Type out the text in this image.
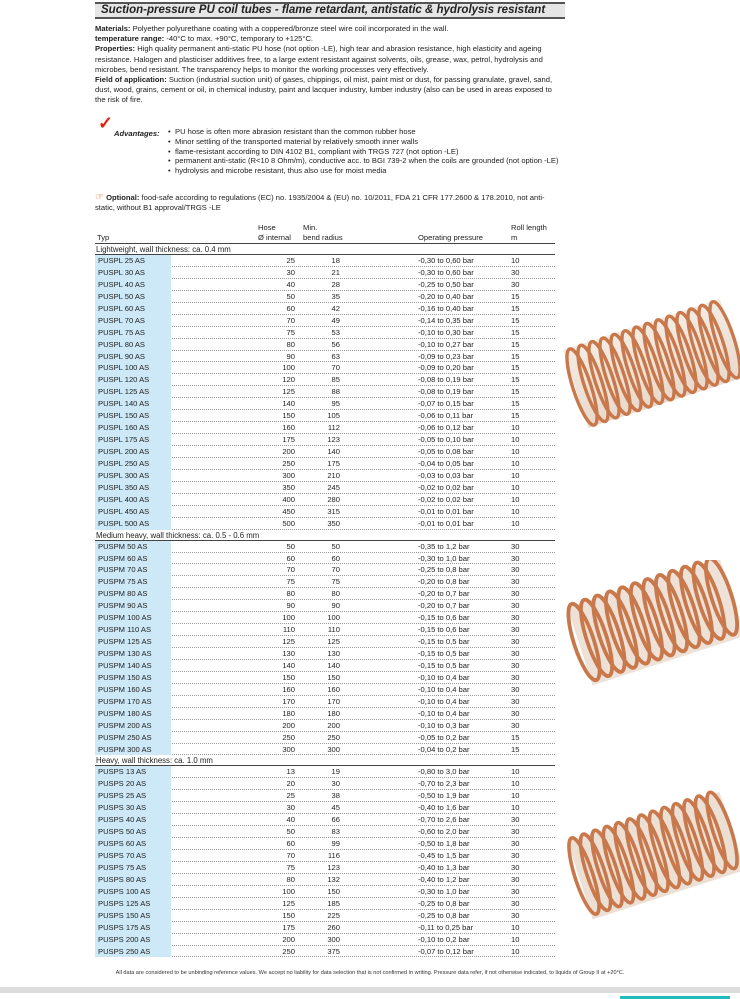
Suction-pressure PU coil tubes - flame retardant, antistatic & hydrolysis resistant

Materials: Polyether polyurethane coating with a coppered/bronze steel wire coil incorporated in the wall.

temperature range: -40°C to max. +90°C, temporary to +125°C.

Properties: High quality permanent anti-static PU hose (not option -LE), high tear and abrasion resistance, high elasticity and ageing resistance. Halogen and plasticiser additives free, to a large extent resistant against solvents, oils, grease, wax, petrol, hydrolysis and microbes, bend resistant. The transparency helps to monitor the working processes very effectively.

Field of application: Suction (industrial suction unit) of gases, chippings, oil mist, paint mist or dust, for passing granulate, gravel, sand, dust, wood, grains, cement or oil, in chemical industry, paint and lacquer industry, lumber industry (also can be used in areas exposed to the risk of fire.

✓
Advantages:
•	PU hose is often more abrasion resistant than the common rubber hose
• Minor settling of the transported material by relatively smooth inner walls
• flame-resistant according to DIN 4102 B1, compliant with TRGS 727 (not option -LE)
• permanent anti-static (R<10 8 Ohm/m), conductive acc. to BGI 739-2 when the coils are grounded (not option -LE)
• hydrolysis and microbe resistant, thus also use for moist media
☞ Optional: food-safe according to regulations (EC) no. 1935/2004 & (EU) no. 10/2011, FDA 21 CFR 177.2600 & 178.2010, not anti-static, without B1 approval/TRGS -LE
Typ
Hose
Ø internal
Min.
bend radius	Operating pressure
Roll length
m
Lightweight, wall thickness: ca. 0.4 mm
PUSPL 25 AS	25	18	-0,30 to 0,60 bar	10
PUSPL 30 AS	30	21	-0,30 to 0,60 bar	30
PUSPL 40 AS	40	28	-0,25 to 0,50 bar	30
PUSPL 50 AS	50	35	-0,20 to 0,40 bar	15
PUSPL 60 AS	60	42	-0,16 to 0,40 bar	15
PUSPL 70 AS	70	49	-0,14 to 0,35 bar	15
PUSPL 75 AS	75	53	-0,10 to 0,30 bar	15
PUSPL 80 AS	80	56	-0,10 to 0,27 bar	15
PUSPL 90 AS	90	63	-0,09 to 0,23 bar	15
PUSPL 100 AS	100	70	-0,09 to 0,20 bar	15
PUSPL 120 AS	120	85	-0,08 to 0,19 bar	15
PUSPL 125 AS	125	88	-0,08 to 0,19 bar	15
PUSPL 140 AS	140	95	-0,07 to 0,15 bar	15
PUSPL 150 AS	150	105	-0,06 to 0,11 bar	15
PUSPL 160 AS	160	112	-0,06 to 0,12 bar	10
PUSPL 175 AS	175	123	-0,05 to 0,10 bar	10
PUSPL 200 AS	200	140	-0,05 to 0,08 bar	10
PUSPL 250 AS	250	175	-0,04 to 0,05 bar	10
PUSPL 300 AS	300	210	-0,03 to 0,03 bar	10
PUSPL 350 AS	350	245	-0,02 to 0,02 bar	10
PUSPL 400 AS	400	280	-0,02 to 0,02 bar	10
PUSPL 450 AS	450	315	-0,01 to 0,01 bar	10
PUSPL 500 AS	500	350	-0,01 to 0,01 bar	10
Medium heavy, wall thickness: ca. 0.5 - 0.6 mm
PUSPM 50 AS	50	50	-0,35 to 1,2 bar	30
PUSPM 60 AS	60	60	-0,30 to 1,0 bar	30
PUSPM 70 AS	70	70	-0,25 to 0,8 bar	30
PUSPM 75 AS	75	75	-0,20 to 0,8 bar	30
PUSPM 80 AS	80	80	-0,20 to 0,7 bar	30
PUSPM 90 AS	90	90	-0,20 to 0,7 bar	30
PUSPM 100 AS	100	100	-0,15 to 0,6 bar	30
PUSPM 110 AS	110	110	-0,15 to 0,6 bar	30
PUSPM 125 AS	125	125	-0,15 to 0,5 bar	30
PUSPM 130 AS	130	130	-0,15 to 0,5 bar	30
PUSPM 140 AS	140	140	-0,15 to 0,5 bar	30
PUSPM 150 AS	150	150	-0,10 to 0,4 bar	30
PUSPM 160 AS	160	160	-0,10 to 0,4 bar	30
PUSPM 170 AS	170	170	-0,10 to 0,4 bar	30
PUSPM 180 AS	180	180	-0,10 to 0,4 bar	30
PUSPM 200 AS	200	200	-0,10 to 0,3 bar	30
PUSPM 250 AS	250	250	-0,05 to 0,2 bar	15
PUSPM 300 AS	300	300	-0,04 to 0,2 bar	15
Heavy, wall thickness: ca. 1.0 mm
PUSPS 13 AS	13	19	-0,80 to 3,0 bar	10
PUSPS 20 AS	20	30	-0,70 to 2,3 bar	10
PUSPS 25 AS	25	38	-0,50 to 1,9 bar	10
PUSPS 30 AS	30	45	-0,40 to 1,6 bar	10
PUSPS 40 AS	40	66	-0,70 to 2,6 bar	30
PUSPS 50 AS	50	83	-0,60 to 2,0 bar	30
PUSPS 60 AS	60	99	-0,50 to 1,8 bar	30
PUSPS 70 AS	70	116	-0,45 to 1,5 bar	30
PUSPS 75 AS	75	123	-0,40 to 1,3 bar	30
PUSPS 80 AS	80	132	-0,40 to 1,2 bar	30
PUSPS 100 AS	100	150	-0,30 to 1,0 bar	30
PUSPS 125 AS	125	185	-0,25 to 0,8 bar	30
PUSPS 150 AS	150	225	-0,25 to 0,8 bar	30
PUSPS 175 AS	175	260	-0,11 to 0,25 bar	10
PUSPS 200 AS	200	300	-0,10 to 0,2 bar	10
PUSPS 250 AS	250	375	-0,07 to 0,12 bar	10
All data are considered to be unbinding reference values. We accept no liability for data selection that is not confirmed in writing. Pressure data refer, if not otherwise indicated, to liquids of Group II at +20°C.
